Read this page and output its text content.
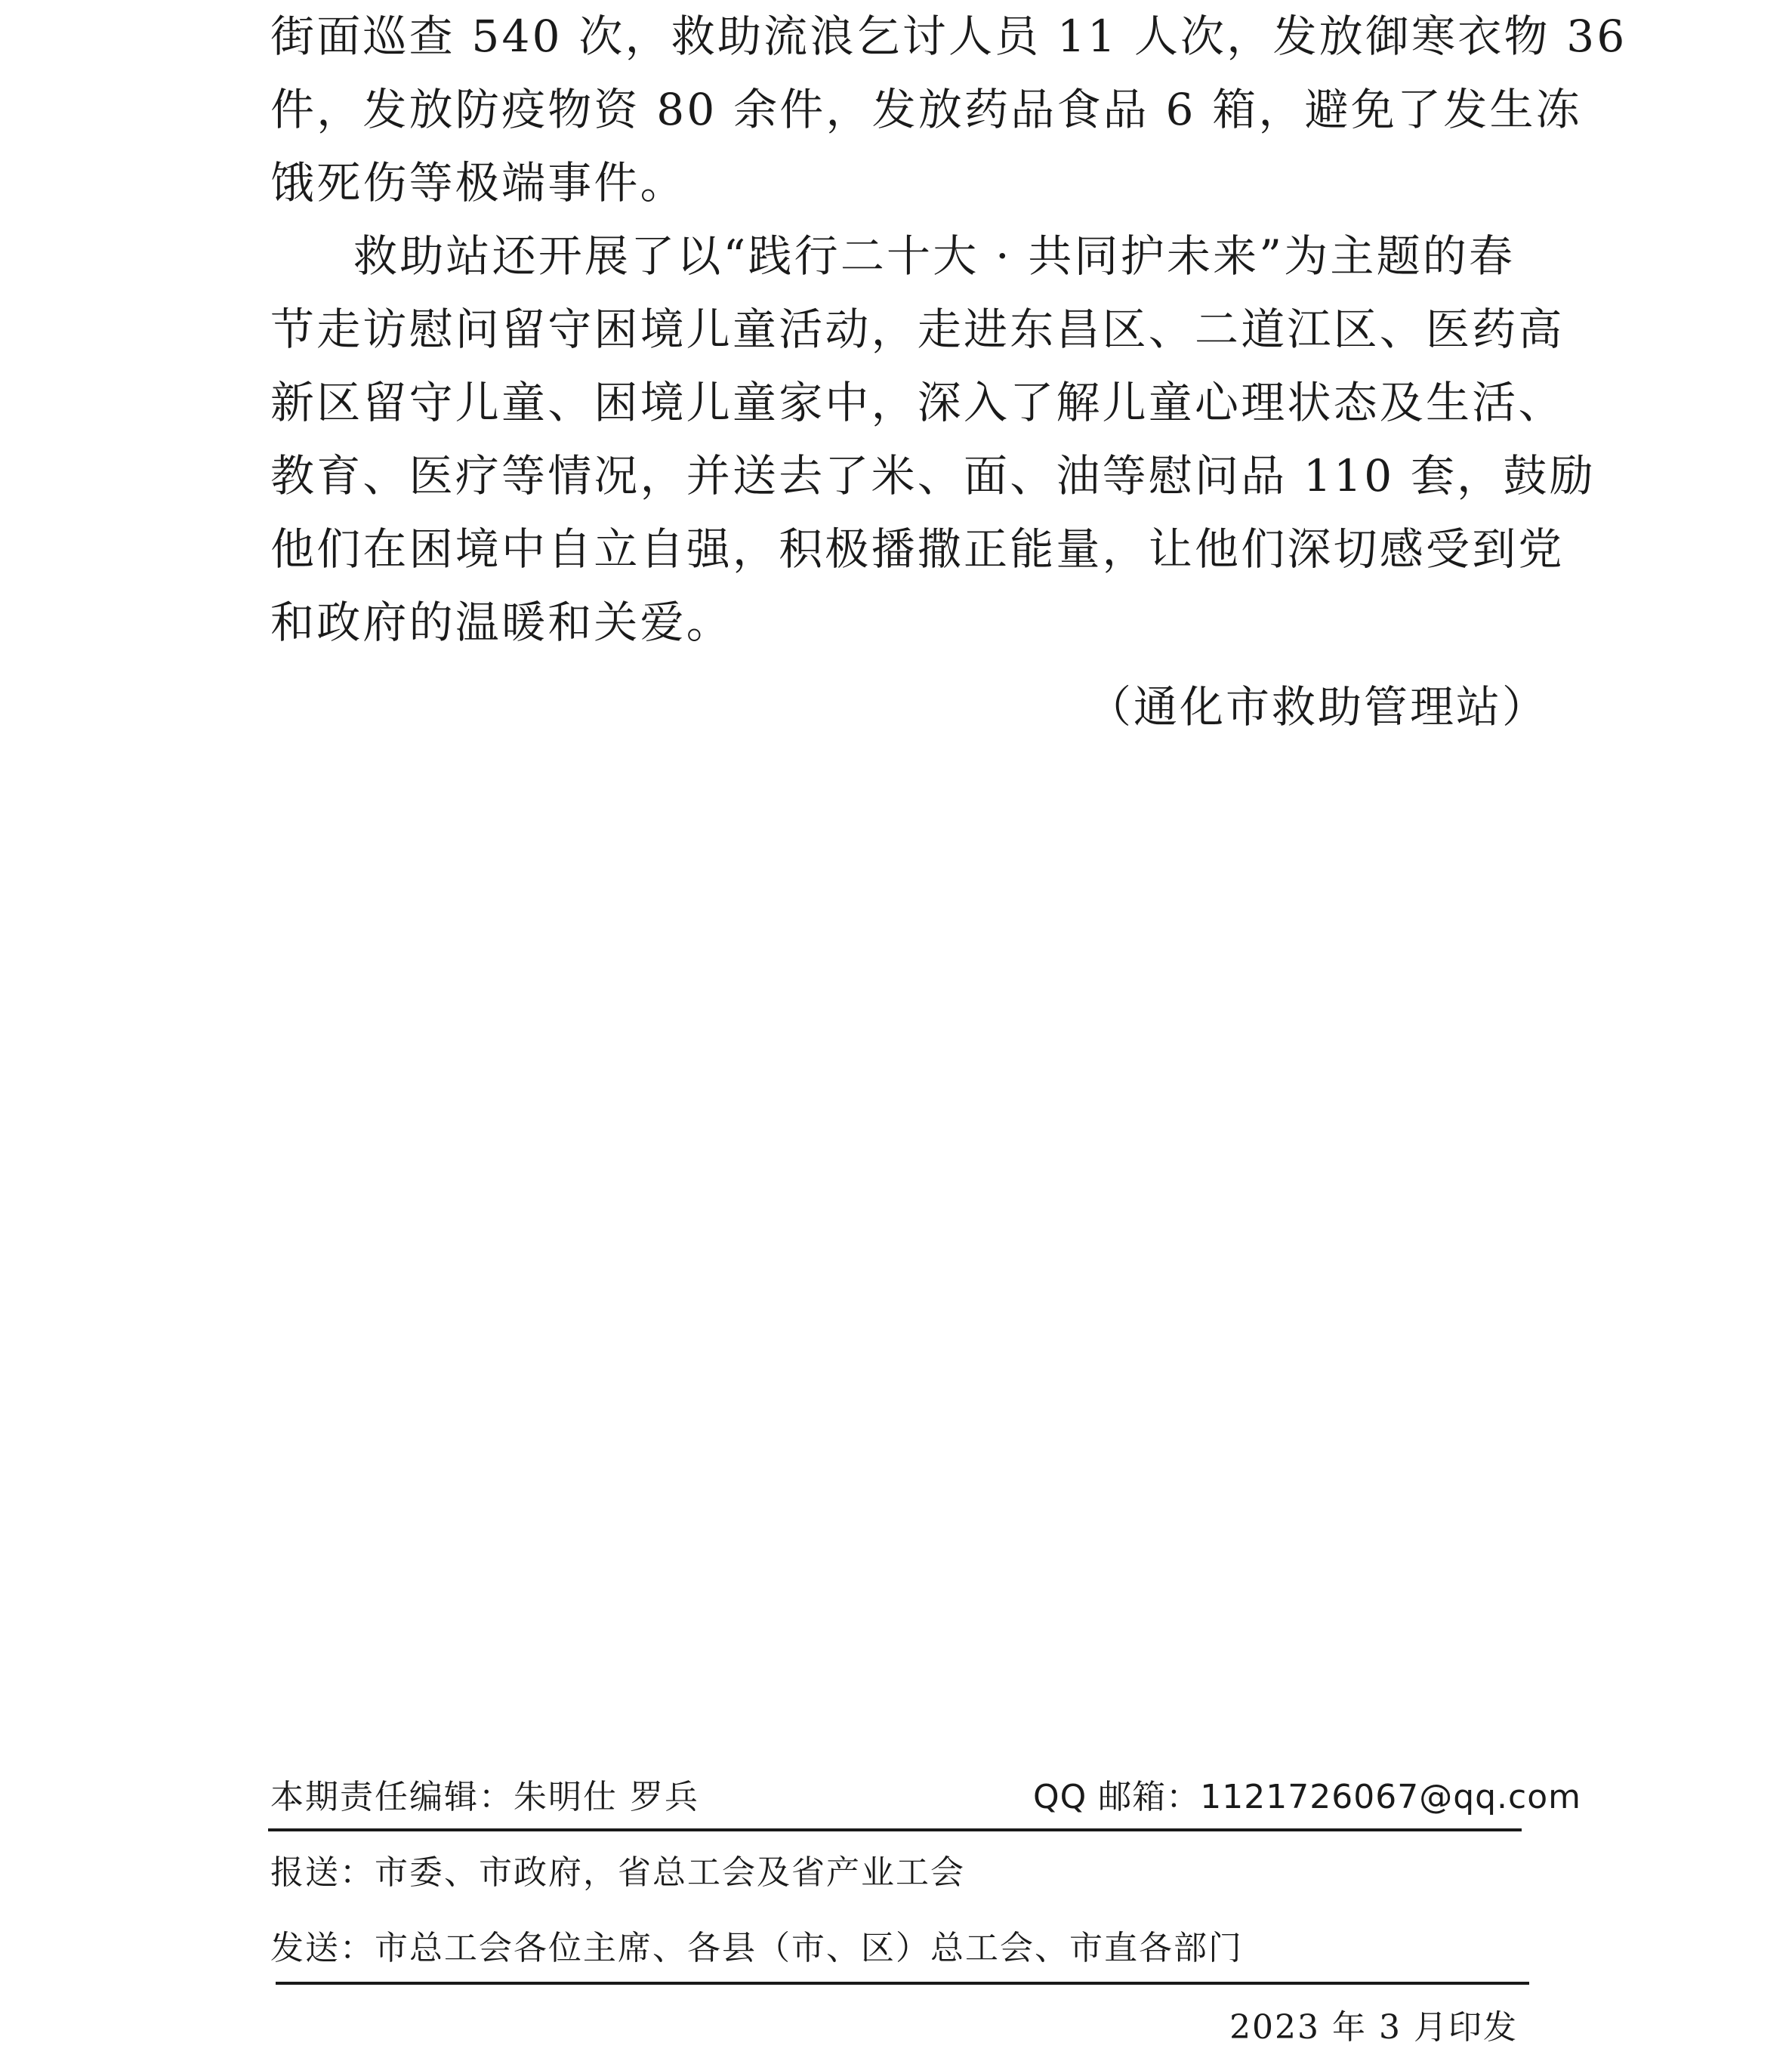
街面巡查 540 次，救助流浪乞讨人员 11 人次，发放御寒衣物 36
件，发放防疫物资 80 余件，发放药品食品 6 箱，避免了发生冻
饿死伤等极端事件。
救助站还开展了以“践行二十大 · 共同护未来”为主题的春
节走访慰问留守困境儿童活动，走进东昌区、二道江区、医药高
新区留守儿童、困境儿童家中，深入了解儿童心理状态及生活、
教育、医疗等情况，并送去了米、面、油等慰问品 110 套，鼓励
他们在困境中自立自强，积极播撒正能量，让他们深切感受到党
和政府的温暖和关爱。
（通化市救助管理站）
本期责任编辑：朱明仕 罗兵	QQ 邮箱：1121726067@qq.com
报送：市委、市政府，省总工会及省产业工会
发送：市总工会各位主席、各县（市、区）总工会、市直各部门
2023 年 3 月印发
